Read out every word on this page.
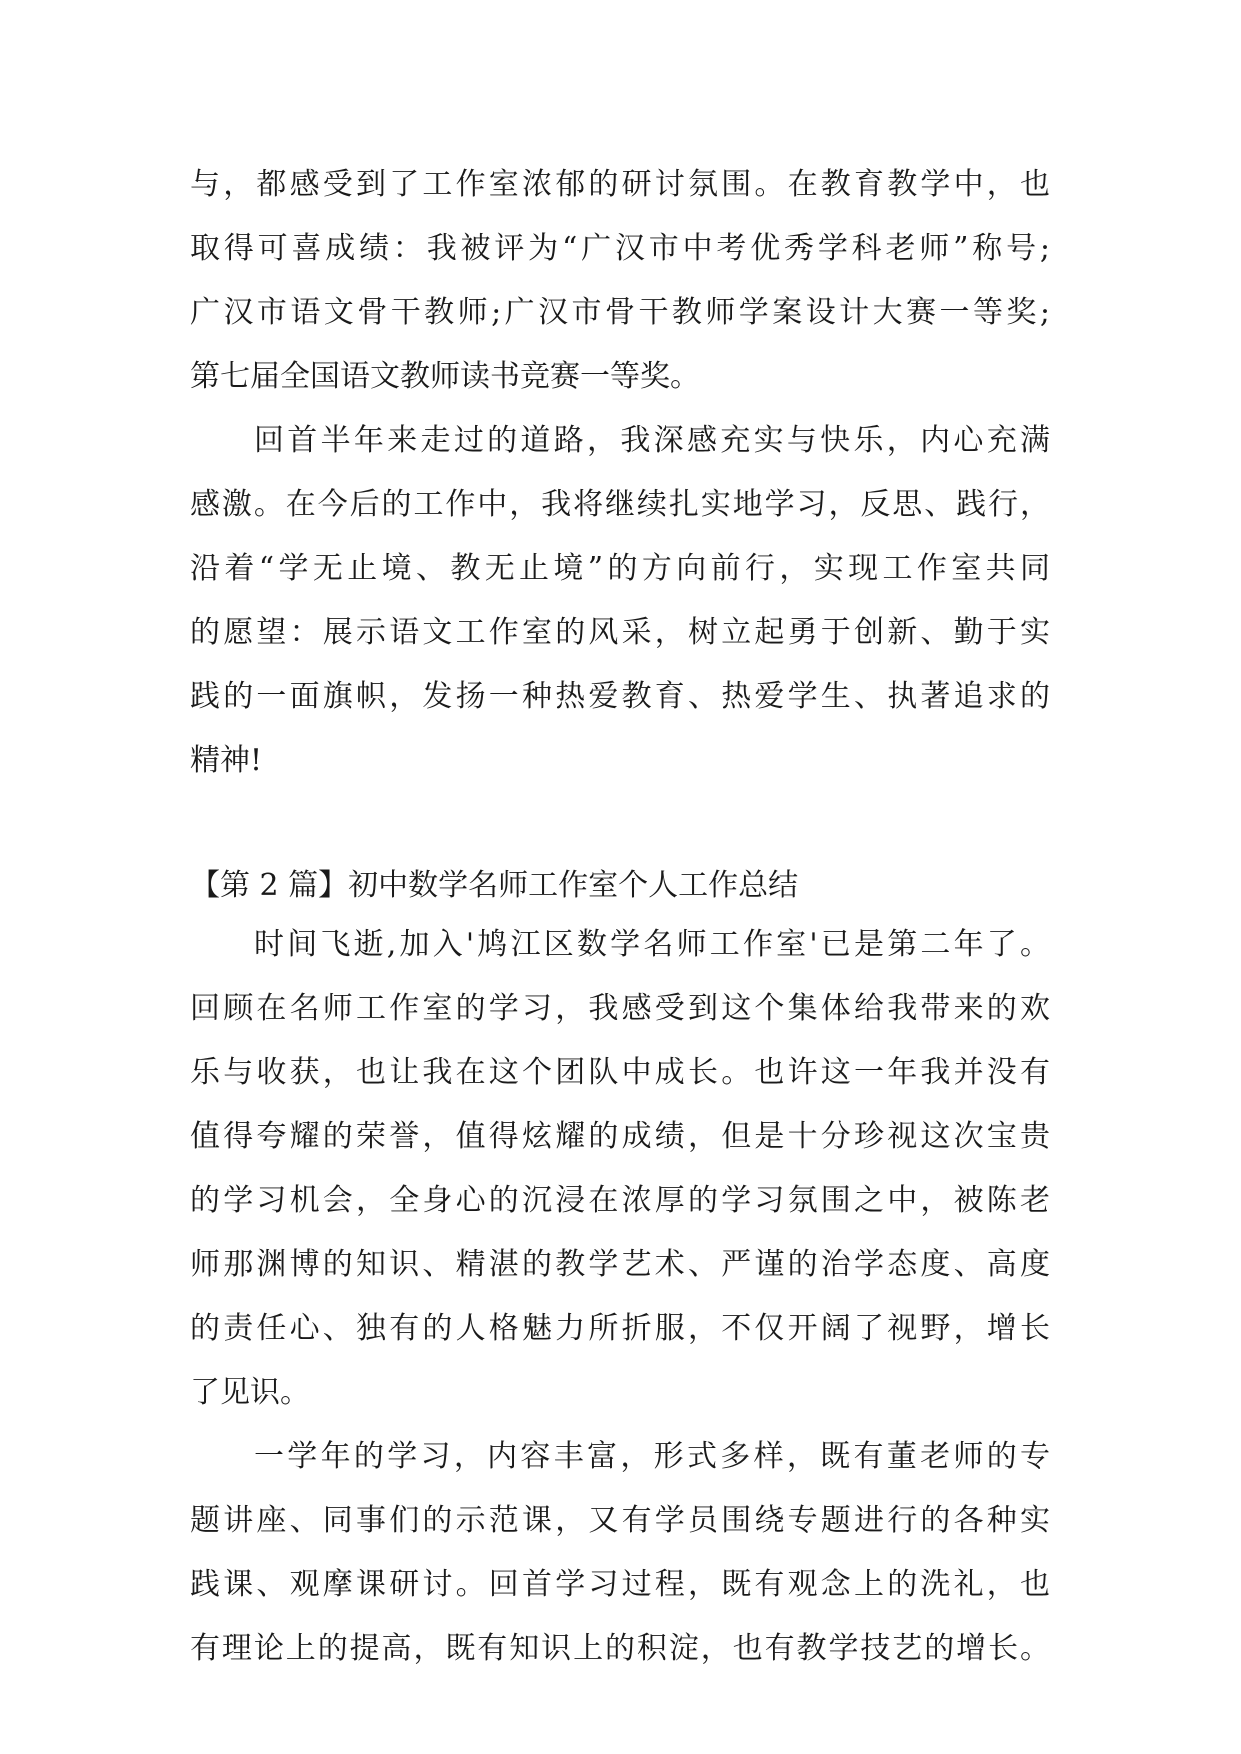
与，都感受到了工作室浓郁的研讨氛围。在教育教学中，也
取得可喜成绩：我被评为“广汉市中考优秀学科老师”称号;
广汉市语文骨干教师;广汉市骨干教师学案设计大赛一等奖;
第七届全国语文教师读书竞赛一等奖。
回首半年来走过的道路，我深感充实与快乐，内心充满
感激。在今后的工作中，我将继续扎实地学习，反思、践行，
沿着“学无止境、教无止境”的方向前行，实现工作室共同
的愿望：展示语文工作室的风采，树立起勇于创新、勤于实
践的一面旗帜，发扬一种热爱教育、热爱学生、执著追求的
精神!
【第 2 篇】初中数学名师工作室个人工作总结
时间飞逝,加入'鸠江区数学名师工作室'已是第二年了。
回顾在名师工作室的学习，我感受到这个集体给我带来的欢
乐与收获，也让我在这个团队中成长。也许这一年我并没有
值得夸耀的荣誉，值得炫耀的成绩，但是十分珍视这次宝贵
的学习机会，全身心的沉浸在浓厚的学习氛围之中，被陈老
师那渊博的知识、精湛的教学艺术、严谨的治学态度、高度
的责任心、独有的人格魅力所折服，不仅开阔了视野，增长
了见识。
一学年的学习，内容丰富，形式多样，既有董老师的专
题讲座、同事们的示范课，又有学员围绕专题进行的各种实
践课、观摩课研讨。回首学习过程，既有观念上的洗礼，也
有理论上的提高，既有知识上的积淀，也有教学技艺的增长。
